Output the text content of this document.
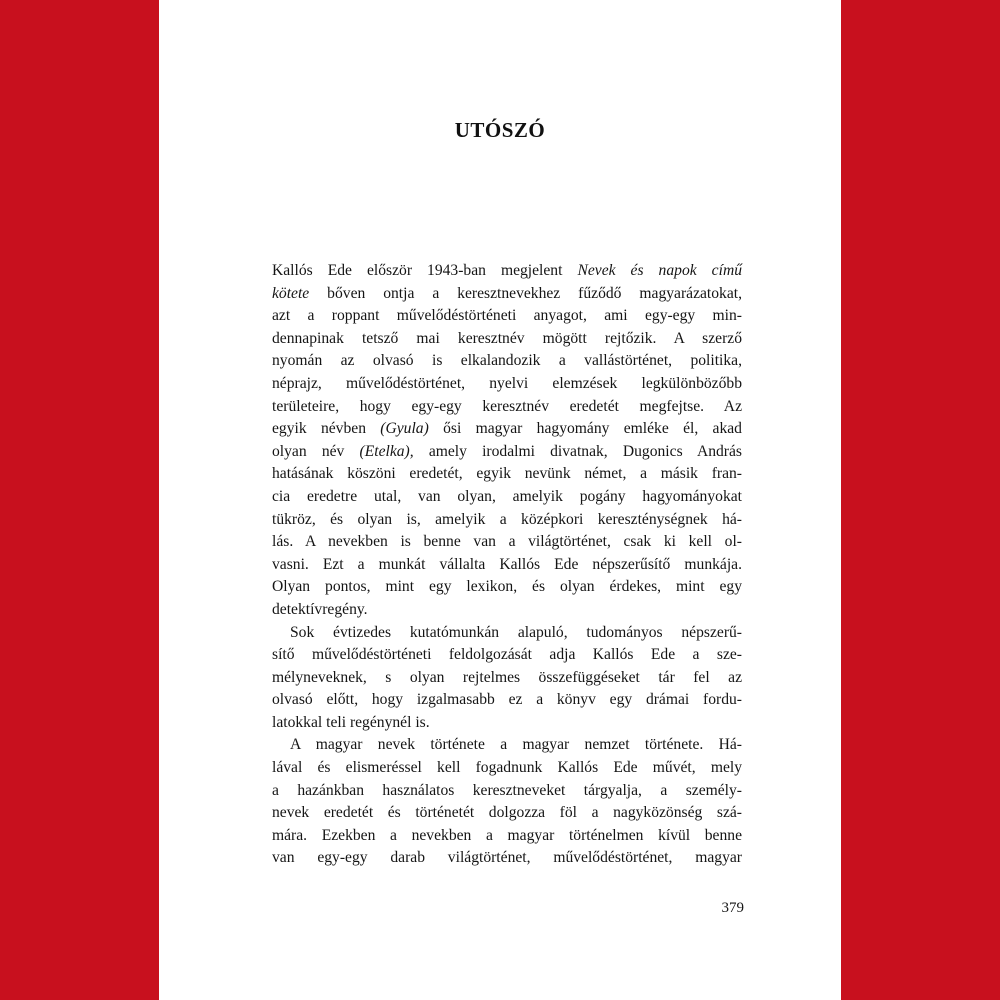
UTÓSZÓ
Kallós Ede először 1943-ban megjelent Nevek és napok című
kötete bőven ontja a keresztnevekhez fűződő magyarázatokat,
azt a roppant művelődéstörténeti anyagot, ami egy-egy min-
dennapinak tetsző mai keresztnév mögött rejtőzik. A szerző
nyomán az olvasó is elkalandozik a vallástörténet, politika,
néprajz, művelődéstörténet, nyelvi elemzések legkülönbözőbb
területeire, hogy egy-egy keresztnév eredetét megfejtse. Az
egyik névben (Gyula) ősi magyar hagyomány emléke él, akad
olyan név (Etelka), amely irodalmi divatnak, Dugonics András
hatásának köszöni eredetét, egyik nevünk német, a másik fran-
cia eredetre utal, van olyan, amelyik pogány hagyományokat
tükröz, és olyan is, amelyik a középkori kereszténységnek há-
lás. A nevekben is benne van a világtörténet, csak ki kell ol-
vasni. Ezt a munkát vállalta Kallós Ede népszerűsítő munkája.
Olyan pontos, mint egy lexikon, és olyan érdekes, mint egy
detektívregény.
Sok évtizedes kutatómunkán alapuló, tudományos népszerű-
sítő művelődéstörténeti feldolgozását adja Kallós Ede a sze-
mélyneveknek, s olyan rejtelmes összefüggéseket tár fel az
olvasó előtt, hogy izgalmasabb ez a könyv egy drámai fordu-
latokkal teli regénynél is.
A magyar nevek története a magyar nemzet története. Há-
lával és elismeréssel kell fogadnunk Kallós Ede művét, mely
a hazánkban használatos keresztneveket tárgyalja, a személy-
nevek eredetét és történetét dolgozza föl a nagyközönség szá-
mára. Ezekben a nevekben a magyar történelmen kívül benne
van egy-egy darab világtörténet, művelődéstörténet, magyar
379
